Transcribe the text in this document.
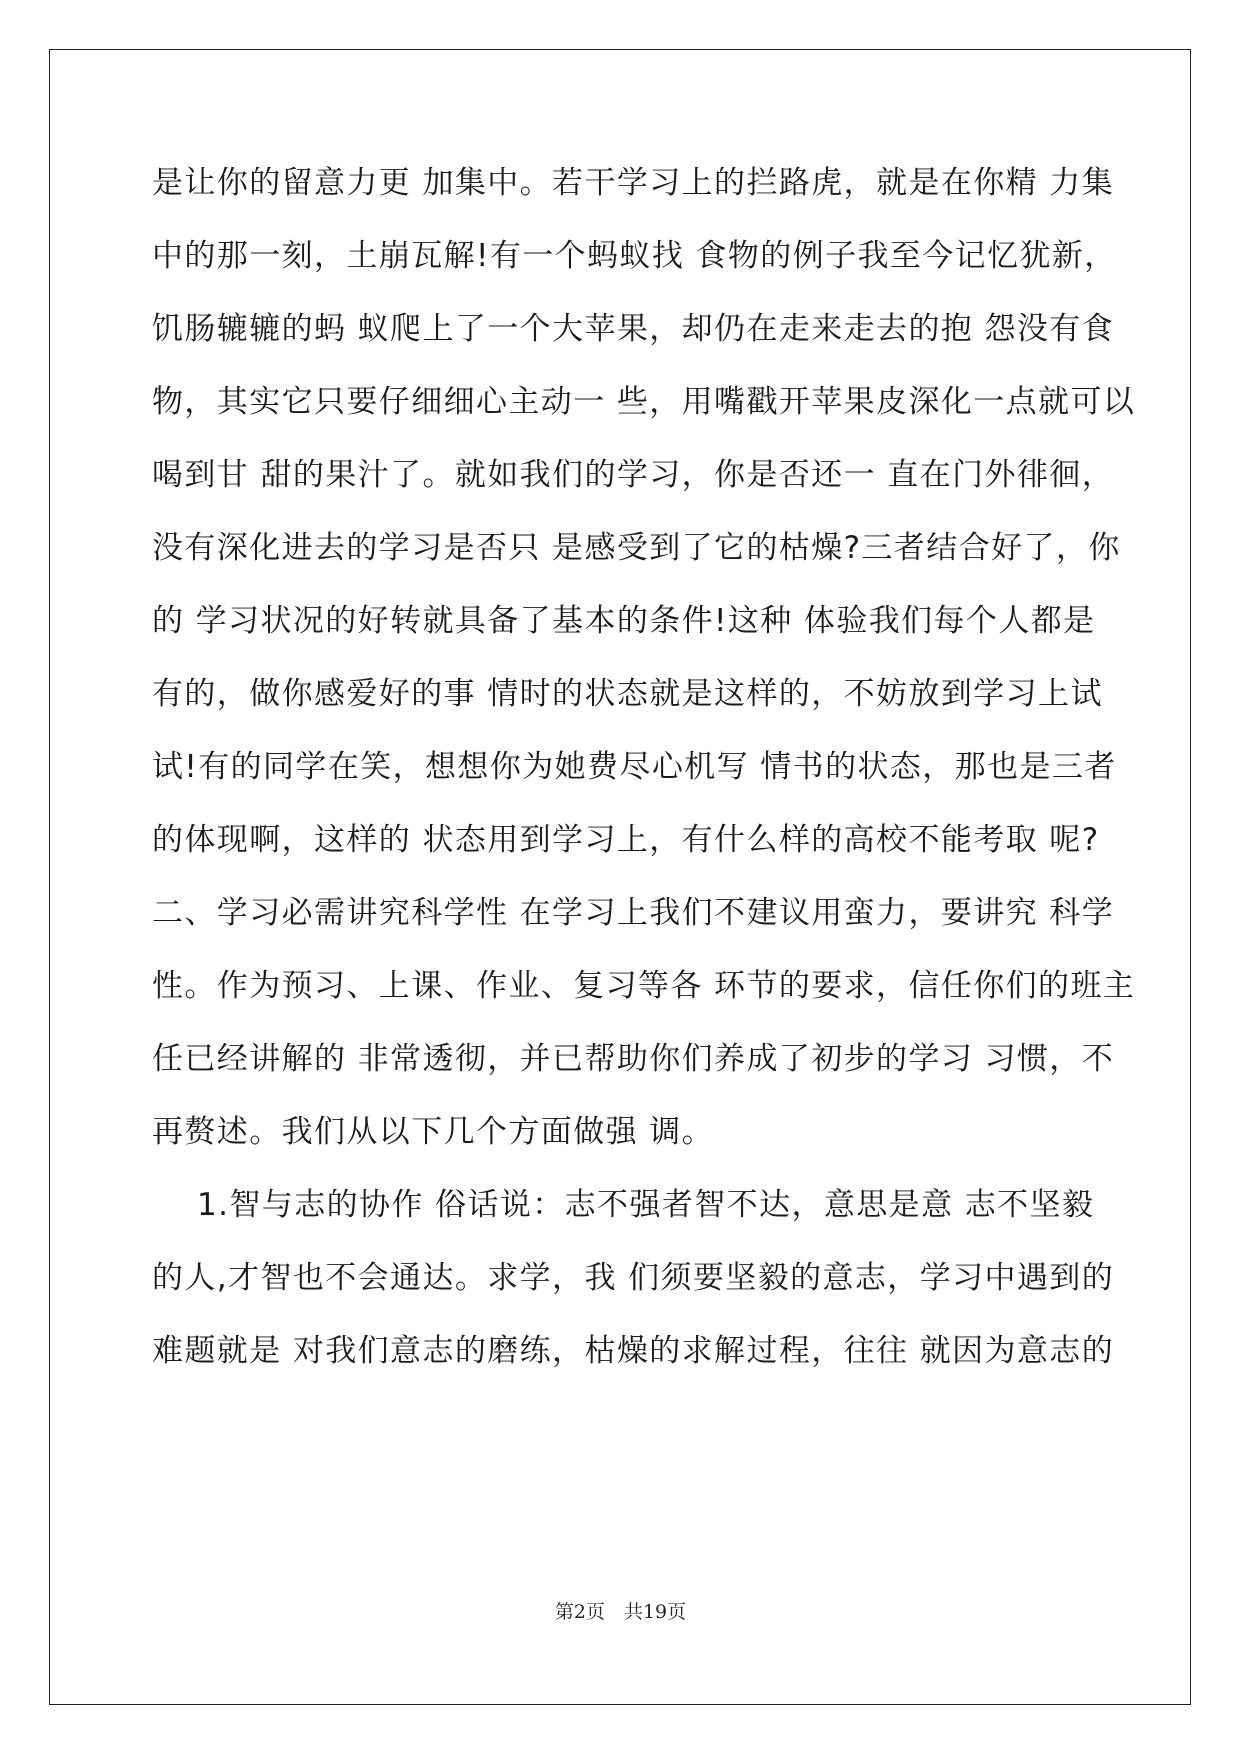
是让你的留意力更 加集中。若干学习上的拦路虎，就是在你精 力集
中的那一刻，土崩瓦解!有一个蚂蚁找 食物的例子我至今记忆犹新，
饥肠辘辘的蚂 蚁爬上了一个大苹果，却仍在走来走去的抱 怨没有食
物，其实它只要仔细细心主动一 些，用嘴戳开苹果皮深化一点就可以
喝到甘 甜的果汁了。就如我们的学习，你是否还一 直在门外徘徊，
没有深化进去的学习是否只 是感受到了它的枯燥?三者结合好了，你
的 学习状况的好转就具备了基本的条件!这种 体验我们每个人都是
有的，做你感爱好的事 情时的状态就是这样的，不妨放到学习上试
试!有的同学在笑，想想你为她费尽心机写 情书的状态，那也是三者
的体现啊，这样的 状态用到学习上，有什么样的高校不能考取 呢?
二、学习必需讲究科学性 在学习上我们不建议用蛮力，要讲究 科学
性。作为预习、上课、作业、复习等各 环节的要求，信任你们的班主
任已经讲解的 非常透彻，并已帮助你们养成了初步的学习 习惯，不
再赘述。我们从以下几个方面做强 调。
1.智与志的协作 俗话说：志不强者智不达，意思是意 志不坚毅
的人,才智也不会通达。求学，我 们须要坚毅的意志，学习中遇到的
难题就是 对我们意志的磨练，枯燥的求解过程，往往 就因为意志的
第2页　共19页
